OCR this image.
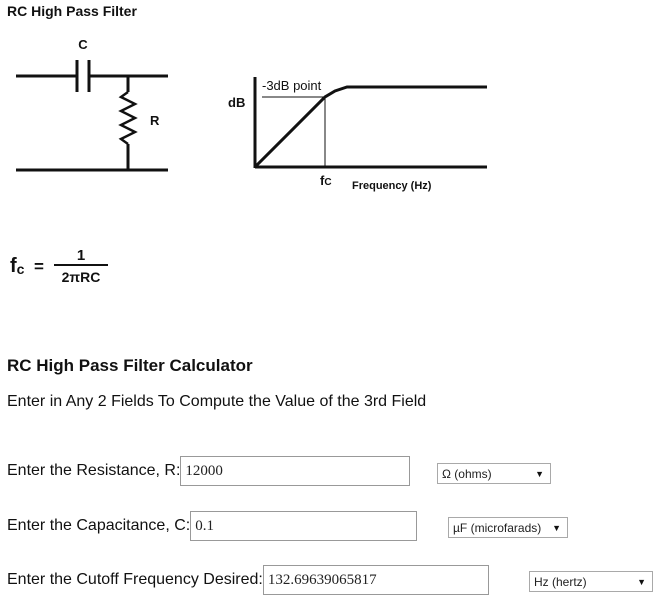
RC High Pass Filter
C
R
dB
-3dB point
fC Frequency (Hz)
fc =
1
2πRC
RC High Pass Filter Calculator
Enter in Any 2 Fields To Compute the Value of the 3rd Field
Enter the Resistance, R:
12000	Ω (ohms)	▼
Enter the Capacitance, C:
0.1	µF (microfarads) ▼
Enter the Cutoff Frequency Desired:
132.69639065817	Hz (hertz)	▼
